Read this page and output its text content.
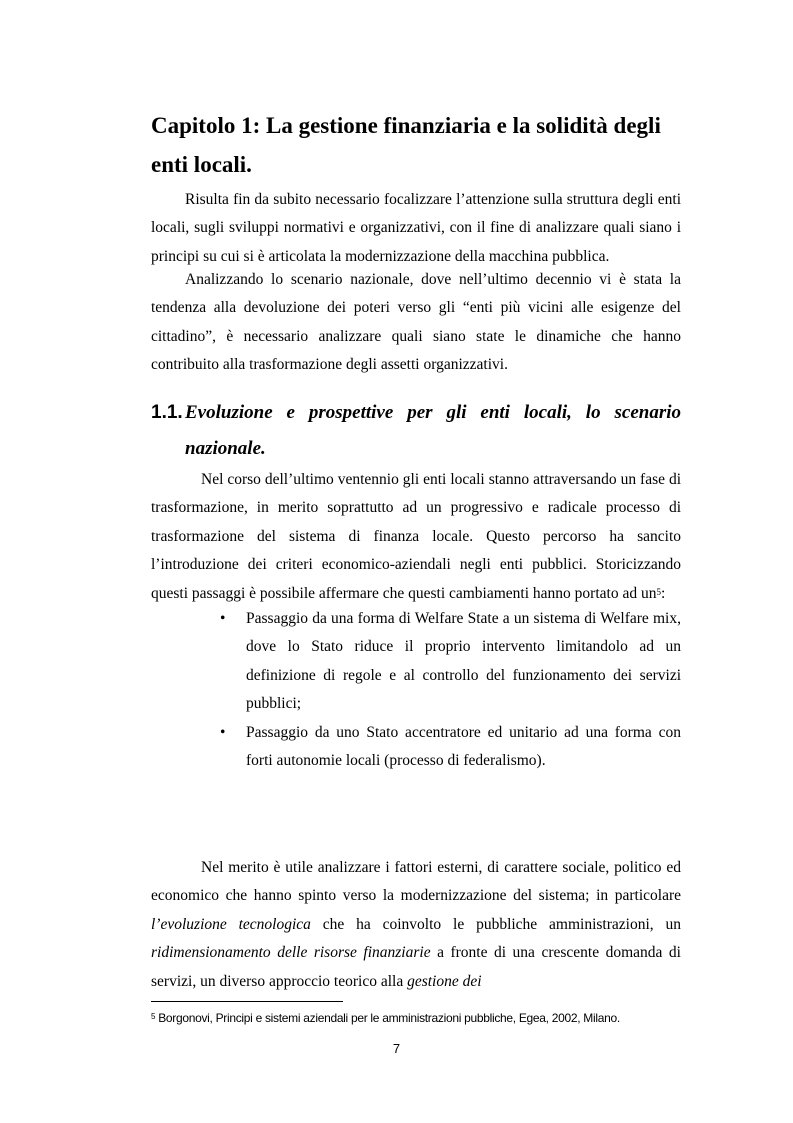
Capitolo 1: La gestione finanziaria e la solidità degli enti locali.

Risulta fin da subito necessario focalizzare l’attenzione sulla struttura degli enti locali, sugli sviluppi normativi e organizzativi, con il fine di analizzare quali siano i principi su cui si è articolata la modernizzazione della macchina pubblica.

Analizzando lo scenario nazionale, dove nell’ultimo decennio vi è stata la tendenza alla devoluzione dei poteri verso gli “enti più vicini alle esigenze del cittadino”, è necessario analizzare quali siano state le dinamiche che hanno contribuito alla trasformazione degli assetti organizzativi.

1.1. Evoluzione e prospettive per gli enti locali, lo scenario nazionale.

Nel corso dell’ultimo ventennio gli enti locali stanno attraversando un fase di trasformazione, in merito soprattutto ad un progressivo e radicale processo di trasformazione del sistema di finanza locale. Questo percorso ha sancito l’introduzione dei criteri economico-aziendali negli enti pubblici. Storicizzando questi passaggi è possibile affermare che questi cambiamenti hanno portato ad un$^5$:

• Passaggio da una forma di Welfare State a un sistema di Welfare mix, dove lo Stato riduce il proprio intervento limitandolo ad un definizione di regole e al controllo del funzionamento dei servizi pubblici;
• Passaggio da uno Stato accentratore ed unitario ad una forma con forti autonomie locali (processo di federalismo).

Nel merito è utile analizzare i fattori esterni, di carattere sociale, politico ed economico che hanno spinto verso la modernizzazione del sistema; in particolare l’evoluzione tecnologica che ha coinvolto le pubbliche amministrazioni, un ridimensionamento delle risorse finanziarie a fronte di una crescente domanda di servizi, un diverso approccio teorico alla gestione dei

$^5$ Borgonovi, Principi e sistemi aziendali per le amministrazioni pubbliche, Egea, 2002, Milano.

7
